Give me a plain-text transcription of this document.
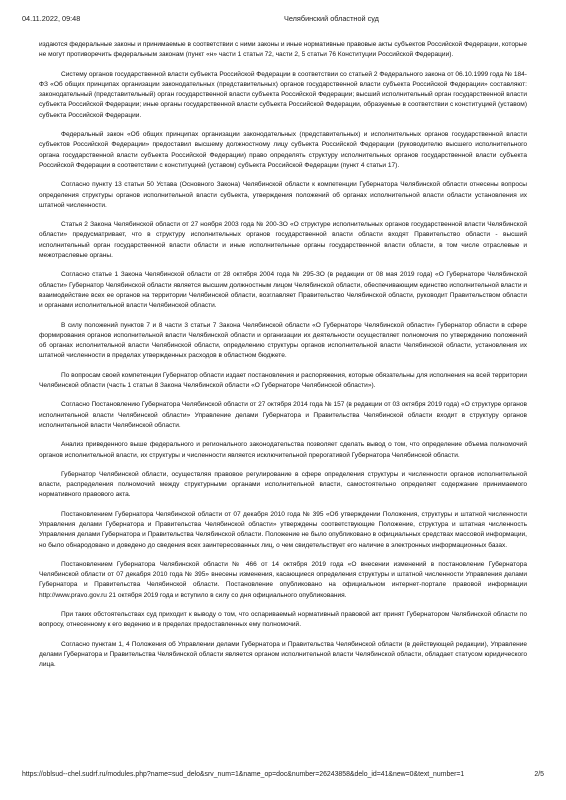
04.11.2022, 09:48	Челябинский областной суд

издаются федеральные законы и принимаемые в соответствии с ними законы и иные нормативные правовые акты субъектов Российской Федерации, которые не могут противоречить федеральным законам (пункт «н» части 1 статьи 72, части 2, 5 статьи 76 Конституции Российской Федерации).

Систему органов государственной власти субъекта Российской Федерации в соответствии со статьей 2 Федерального закона от 06.10.1999 года № 184-ФЗ «Об общих принципах организации законодательных (представительных) органов государственной власти субъекта Российской Федерации» составляют: законодательный (представительный) орган государственной власти субъекта Российской Федерации; высший исполнительный орган государственной власти субъекта Российской Федерации; иные органы государственной власти субъекта Российской Федерации, образуемые в соответствии с конституцией (уставом) субъекта Российской Федерации.

Федеральный закон «Об общих принципах организации законодательных (представительных) и исполнительных органов государственной власти субъектов Российской Федерации» предоставил высшему должностному лицу субъекта Российской Федерации (руководителю высшего исполнительного органа государственной власти субъекта Российской Федерации) право определять структуру исполнительных органов государственной власти субъекта Российской Федерации в соответствии с конституцией (уставом) субъекта Российской Федерации (пункт 4 статьи 17).

Согласно пункту 13 статьи 50 Устава (Основного Закона) Челябинской области к компетенции Губернатора Челябинской области отнесены вопросы определения структуры органов исполнительной власти субъекта, утверждения положений об органах исполнительной власти области установления их штатной численности.

Статья 2 Закона Челябинской области от 27 ноября 2003 года № 200-ЗО «О структуре исполнительных органов государственной власти Челябинской области» предусматривает, что в структуру исполнительных органов государственной власти области входят Правительство области - высший исполнительный орган государственной власти области и иные исполнительные органы государственной власти области, в том числе отраслевые и межотраслевые органы.

Согласно статье 1 Закона Челябинской области от 28 октября 2004 года № 295-ЗО (в редакции от 08 мая 2019 года) «О Губернаторе Челябинской области» Губернатор Челябинской области является высшим должностным лицом Челябинской области, обеспечивающим единство исполнительной власти и взаимодействие всех ее органов на территории Челябинской области, возглавляет Правительство Челябинской области, руководит Правительством области и органами исполнительной власти Челябинской области.

В силу положений пунктов 7 и 8 части 3 статьи 7 Закона Челябинской области «О Губернаторе Челябинской области» Губернатор области в сфере формирования органов исполнительной власти Челябинской области и организации их деятельности осуществляет полномочия по утверждению положений об органах исполнительной власти Челябинской области, определению структуры органов исполнительной власти Челябинской области, установления их штатной численности в пределах утвержденных расходов в областном бюджете.

По вопросам своей компетенции Губернатор области издает постановления и распоряжения, которые обязательны для исполнения на всей территории Челябинской области (часть 1 статьи 8 Закона Челябинской области «О Губернаторе Челябинской области»).

Согласно Постановлению Губернатора Челябинской области от 27 октября 2014 года № 157 (в редакции от 03 октября 2019 года) «О структуре органов исполнительной власти Челябинской области» Управление делами Губернатора и Правительства Челябинской области входит в структуру органов исполнительной власти Челябинской области.

Анализ приведенного выше федерального и регионального законодательства позволяет сделать вывод о том, что определение объема полномочий органов исполнительной власти, их структуры и численности является исключительной прерогативой Губернатора Челябинской области.

Губернатор Челябинской области, осуществляя правовое регулирование в сфере определения структуры и численности органов исполнительной власти, распределения полномочий между структурными органами исполнительной власти, самостоятельно определяет содержание принимаемого нормативного правового акта.

Постановлением Губернатора Челябинской области от 07 декабря 2010 года № 395 «Об утверждении Положения, структуры и штатной численности Управления делами Губернатора и Правительства Челябинской области» утверждены соответствующие Положение, структура и штатная численность Управления делами Губернатора и Правительства Челябинской области. Положение не было опубликовано в официальных средствах массовой информации, но было обнародовано и доведено до сведения всех заинтересованных лиц, о чем свидетельствует его наличие в электронных информационных базах.

Постановлением Губернатора Челябинской области № 466 от 14 октября 2019 года «О внесении изменений в постановление Губернатора Челябинской области от 07 декабря 2010 года № 395» внесены изменения, касающиеся определения структуры и штатной численности Управления делами Губернатора и Правительства Челябинской области. Постановление опубликовано на официальном интернет-портале правовой информации http://www.pravo.gov.ru 21 октября 2019 года и вступило в силу со дня официального опубликования.

При таких обстоятельствах суд приходит к выводу о том, что оспариваемый нормативный правовой акт принят Губернатором Челябинской области по вопросу, отнесенному к его ведению и в пределах предоставленных ему полномочий.

Согласно пунктам 1, 4 Положения об Управлении делами Губернатора и Правительства Челябинской области (в действующей редакции), Управление делами Губернатора и Правительства Челябинской области является органом исполнительной власти Челябинской области, обладает статусом юридического лица.

https://oblsud--chel.sudrf.ru/modules.php?name=sud_delo&srv_num=1&name_op=doc&number=26243858&delo_id=41&new=0&text_number=1	2/5
